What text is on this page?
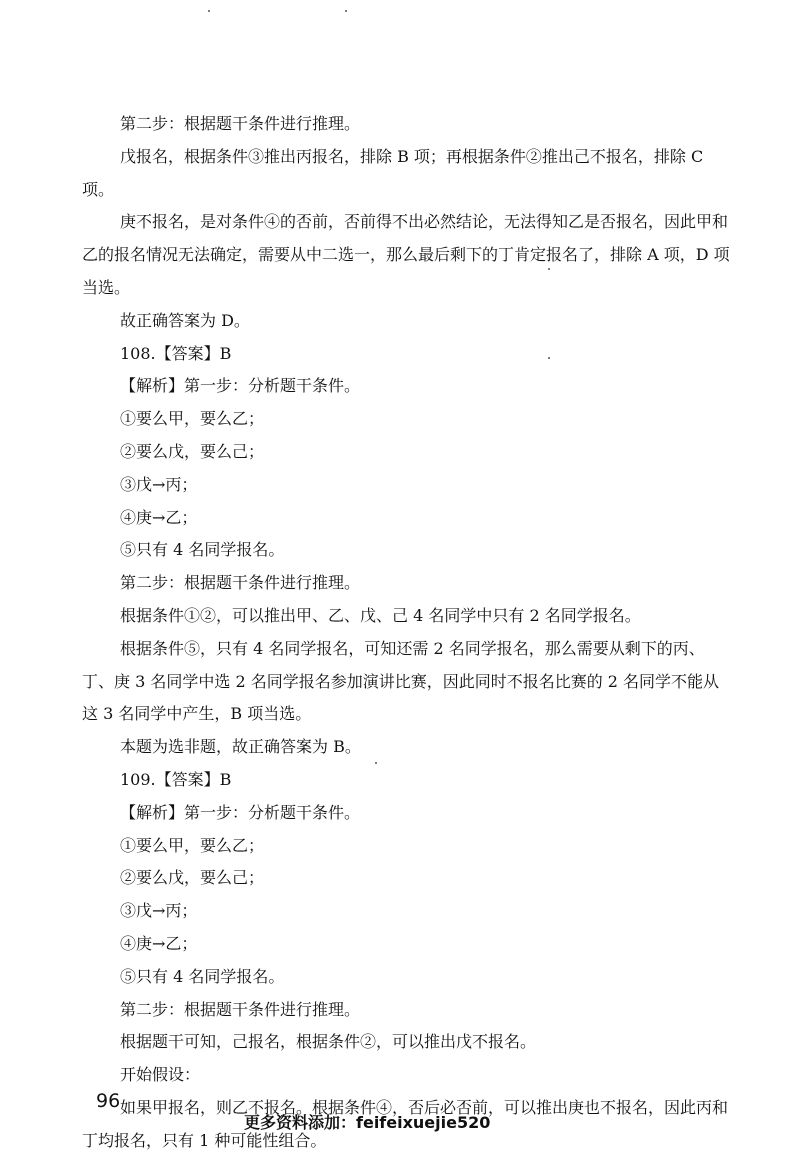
第二步：根据题干条件进行推理。

戊报名，根据条件③推出丙报名，排除 B 项；再根据条件②推出己不报名，排除 C 项。

庚不报名，是对条件④的否前，否前得不出必然结论，无法得知乙是否报名，因此甲和乙的报名情况无法确定，需要从中二选一，那么最后剩下的丁肯定报名了，排除 A 项，D 项当选。

故正确答案为 D。

108.【答案】B

【解析】第一步：分析题干条件。

①要么甲，要么乙；

②要么戊，要么己；

③戊→丙；

④庚→乙；

⑤只有 4 名同学报名。

第二步：根据题干条件进行推理。

根据条件①②，可以推出甲、乙、戊、己 4 名同学中只有 2 名同学报名。

根据条件⑤，只有 4 名同学报名，可知还需 2 名同学报名，那么需要从剩下的丙、丁、庚 3 名同学中选 2 名同学报名参加演讲比赛，因此同时不报名比赛的 2 名同学不能从这 3 名同学中产生，B 项当选。

本题为选非题，故正确答案为 B。

109.【答案】B

【解析】第一步：分析题干条件。

①要么甲，要么乙；

②要么戊，要么己；

③戊→丙；

④庚→乙；

⑤只有 4 名同学报名。

第二步：根据题干条件进行推理。

根据题干可知，己报名，根据条件②，可以推出戊不报名。

开始假设：

如果甲报名，则乙不报名。根据条件④，否后必否前，可以推出庚也不报名，因此丙和丁均报名，只有 1 种可能性组合。

96
更多资料添加：feifeixuejie520
